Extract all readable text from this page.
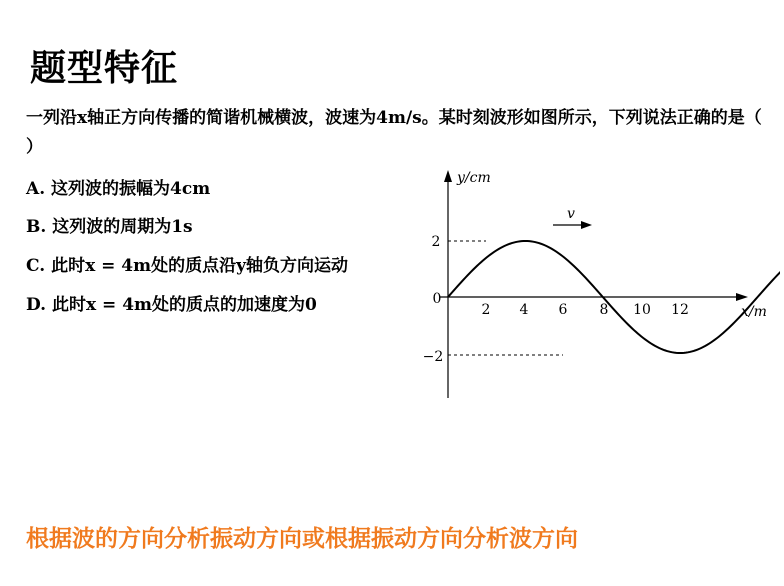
题型特征
一列沿x轴正方向传播的简谐机械横波，波速为4m/s。某时刻波形如图所示，下列说法正确的是（ ）
A. 这列波的振幅为4cm
B. 这列波的周期为1s
C. 此时x = 4m处的质点沿y轴负方向运动
D. 此时x = 4m处的质点的加速度为0
y/cm
x/m
2
0
−2
2 4 6 8 10 12
v
根据波的方向分析振动方向或根据振动方向分析波方向
